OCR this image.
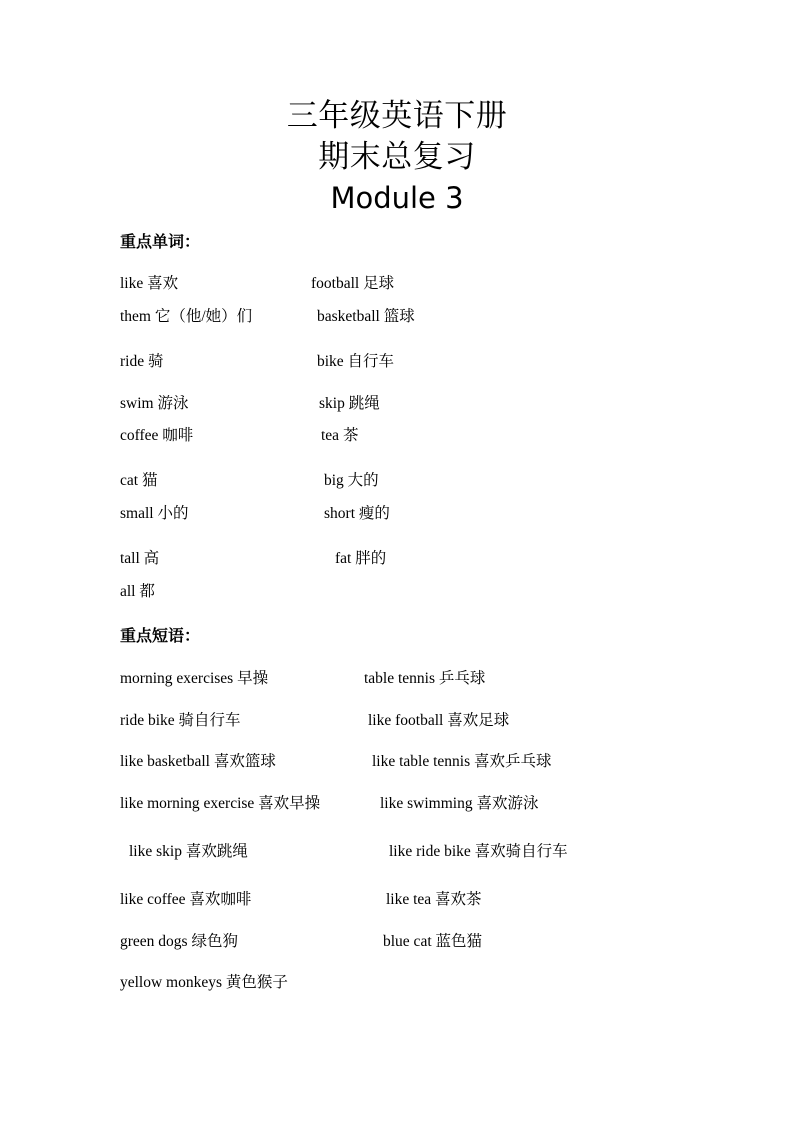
三年级英语下册
期末总复习
Module 3
重点单词：
like 喜欢	football 足球
them 它（他/她）们	basketball 篮球
ride 骑	bike 自行车
swim 游泳	skip 跳绳
coffee 咖啡	tea 茶
cat 猫	big 大的
small 小的	short 瘦的
tall 高	fat 胖的
all 都
重点短语：
morning exercises 早操	table tennis 乒乓球
ride bike 骑自行车	like football 喜欢足球
like basketball 喜欢篮球	like table tennis 喜欢乒乓球
like morning exercise 喜欢早操	like swimming 喜欢游泳
like skip 喜欢跳绳	like ride bike 喜欢骑自行车
like coffee 喜欢咖啡	like tea 喜欢茶
green dogs 绿色狗	blue cat 蓝色猫
yellow monkeys 黄色猴子
